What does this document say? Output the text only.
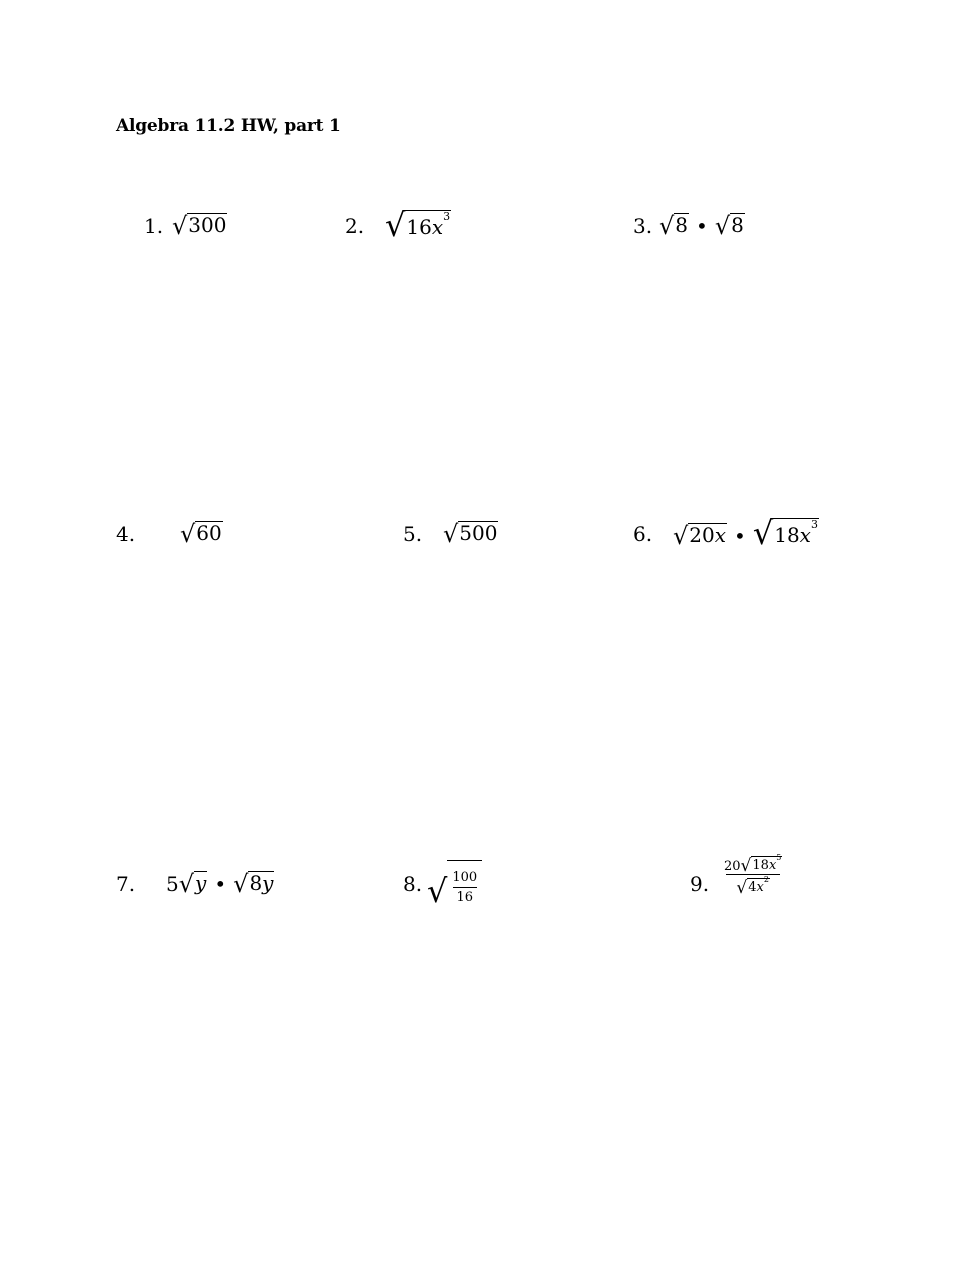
Algebra 11.2 HW, part 1
1. √ 300	2. √ $16x^3$	3. √ 8 • √ 8
4. √ 60	5. √ 500	6. √ 20x • √ $18x^3$
7. 5 √ y • √ 8y	8. √ $\frac{100}{16}$	9. $\frac{20 √ 18x^5}{√ 4x^2}$
